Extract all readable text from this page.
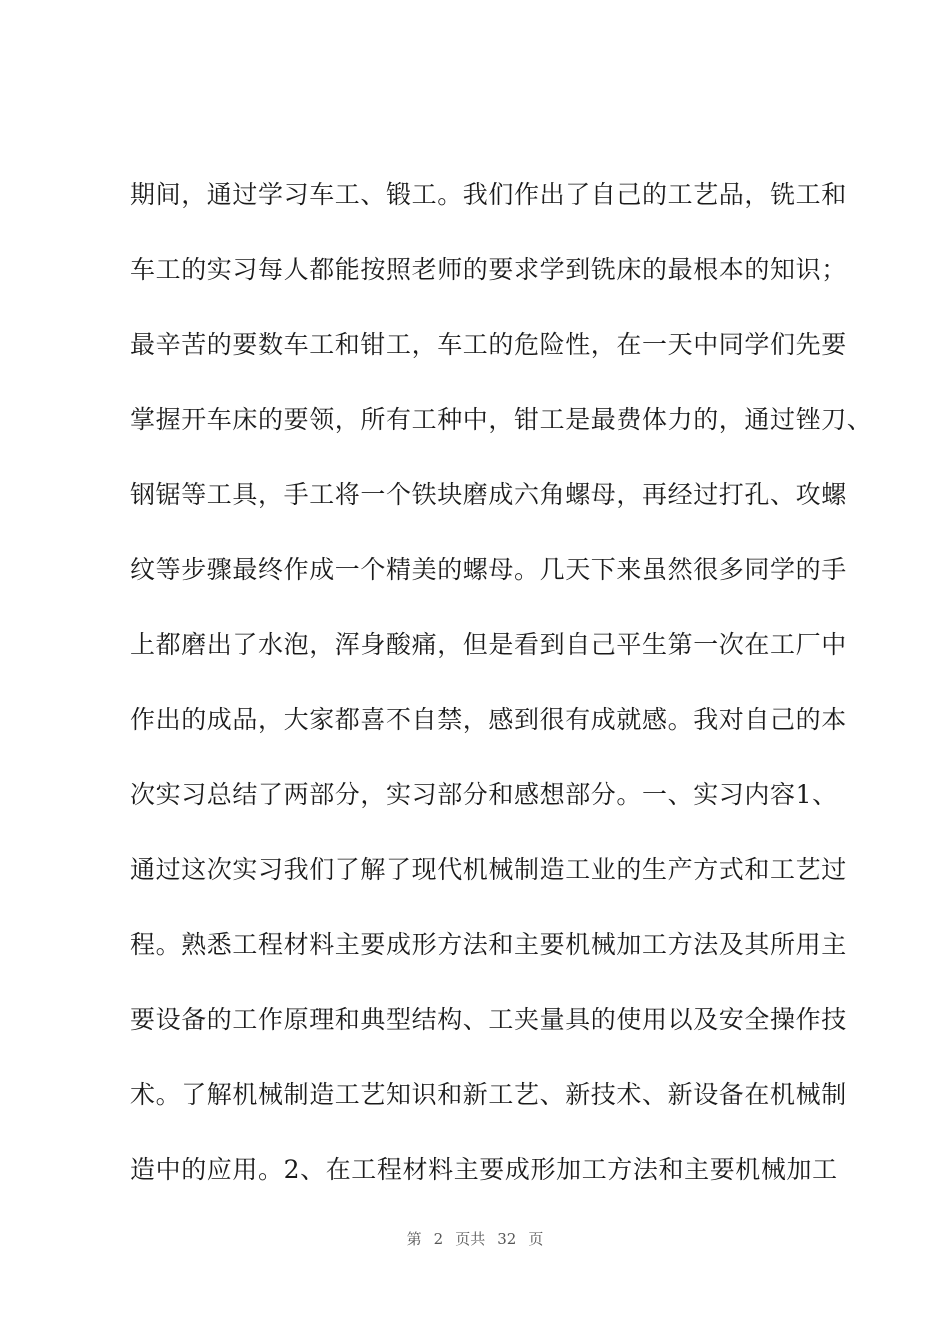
期间，通过学习车工、锻工。我们作出了自己的工艺品，铣工和
车工的实习每人都能按照老师的要求学到铣床的最根本的知识；
最辛苦的要数车工和钳工，车工的危险性，在一天中同学们先要
掌握开车床的要领，所有工种中，钳工是最费体力的，通过锉刀、
钢锯等工具，手工将一个铁块磨成六角螺母，再经过打孔、攻螺
纹等步骤最终作成一个精美的螺母。几天下来虽然很多同学的手
上都磨出了水泡，浑身酸痛，但是看到自己平生第一次在工厂中
作出的成品，大家都喜不自禁，感到很有成就感。我对自己的本
次实习总结了两部分，实习部分和感想部分。一、实习内容1、
通过这次实习我们了解了现代机械制造工业的生产方式和工艺过
程。熟悉工程材料主要成形方法和主要机械加工方法及其所用主
要设备的工作原理和典型结构、工夹量具的使用以及安全操作技
术。了解机械制造工艺知识和新工艺、新技术、新设备在机械制
造中的应用。2、在工程材料主要成形加工方法和主要机械加工
第 2 页共 32 页
